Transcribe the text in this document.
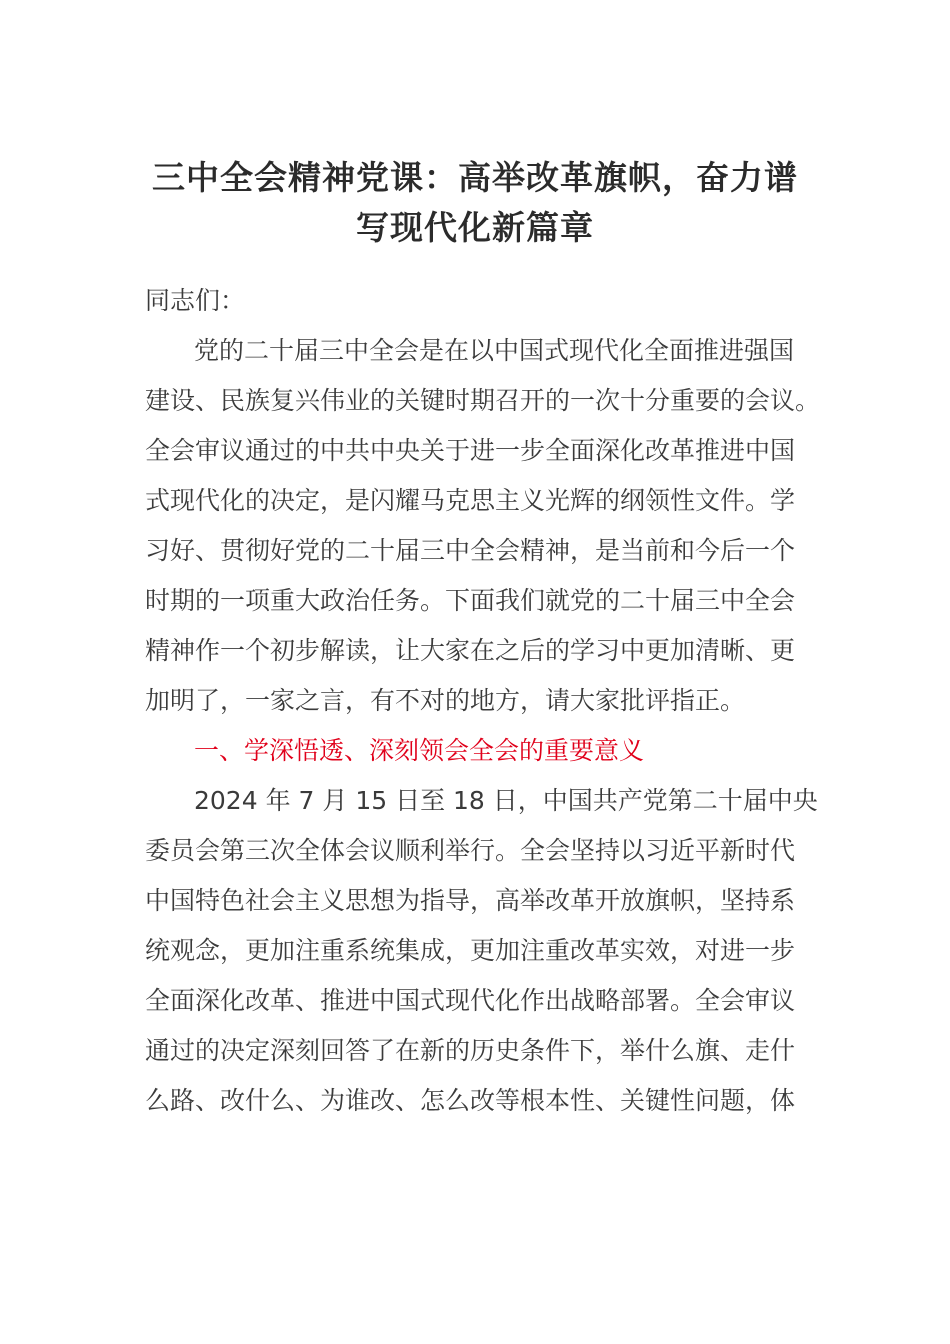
三中全会精神党课：高举改革旗帜，奋力谱
写现代化新篇章

同志们：

党的二十届三中全会是在以中国式现代化全面推进强国

建设、民族复兴伟业的关键时期召开的一次十分重要的会议。

全会审议通过的中共中央关于进一步全面深化改革推进中国

式现代化的决定，是闪耀马克思主义光辉的纲领性文件。学

习好、贯彻好党的二十届三中全会精神，是当前和今后一个

时期的一项重大政治任务。下面我们就党的二十届三中全会

精神作一个初步解读，让大家在之后的学习中更加清晰、更

加明了，一家之言，有不对的地方，请大家批评指正。

一、学深悟透、深刻领会全会的重要意义

2024 年 7 月 15 日至 18 日，中国共产党第二十届中央

委员会第三次全体会议顺利举行。全会坚持以习近平新时代

中国特色社会主义思想为指导，高举改革开放旗帜，坚持系

统观念，更加注重系统集成，更加注重改革实效，对进一步

全面深化改革、推进中国式现代化作出战略部署。全会审议

通过的决定深刻回答了在新的历史条件下，举什么旗、走什

么路、改什么、为谁改、怎么改等根本性、关键性问题，体
